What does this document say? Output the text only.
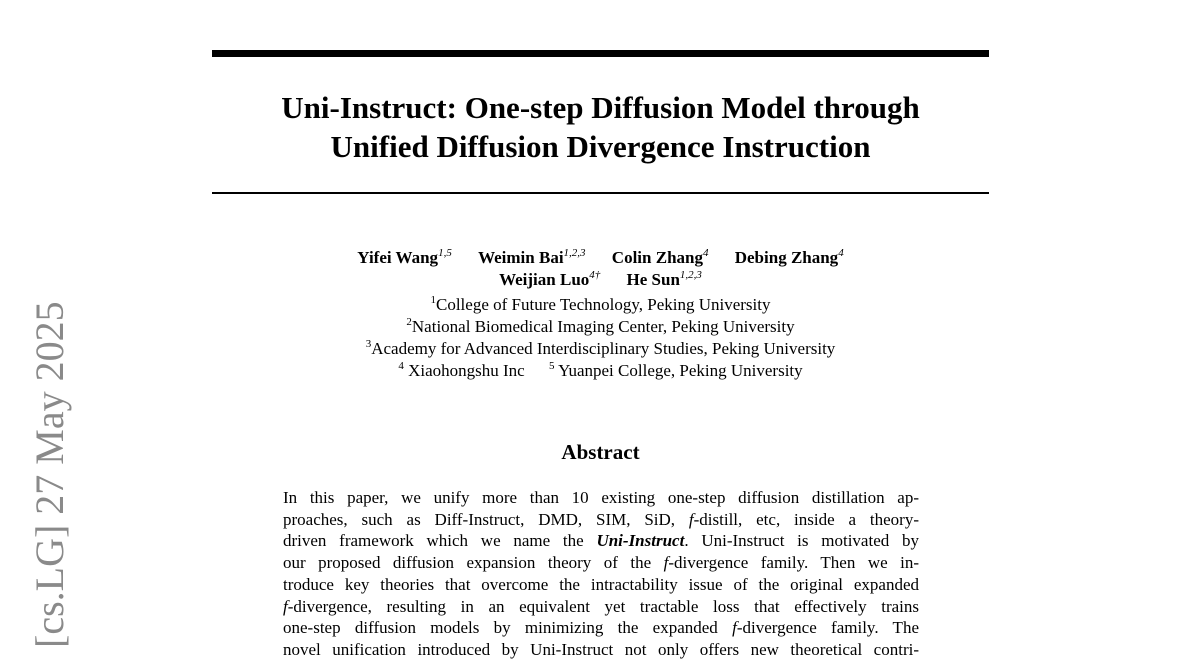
Uni-Instruct: One-step Diffusion Model through
Unified Diffusion Divergence Instruction
Yifei Wang$^{1,5}$ Weimin Bai$^{1,2,3}$ Colin Zhang$^4$ Debing Zhang$^4$
Weijian Luo$^{4\dagger}$ He Sun$^{1,2,3}$
$^1$College of Future Technology, Peking University
$^2$National Biomedical Imaging Center, Peking University
$^3$Academy for Advanced Interdisciplinary Studies, Peking University
$^4$ Xiaohongshu Inc $^5$ Yuanpei College, Peking University
Abstract
In this paper, we unify more than 10 existing one-step diffusion distillation ap-
proaches, such as Diff-Instruct, DMD, SIM, SiD, f-distill, etc, inside a theory-
driven framework which we name the Uni-Instruct. Uni-Instruct is motivated by
our proposed diffusion expansion theory of the f-divergence family. Then we in-
troduce key theories that overcome the intractability issue of the original expanded
f-divergence, resulting in an equivalent yet tractable loss that effectively trains
one-step diffusion models by minimizing the expanded f-divergence family. The
novel unification introduced by Uni-Instruct not only offers new theoretical contri-
[cs.LG] 27 May 2025
